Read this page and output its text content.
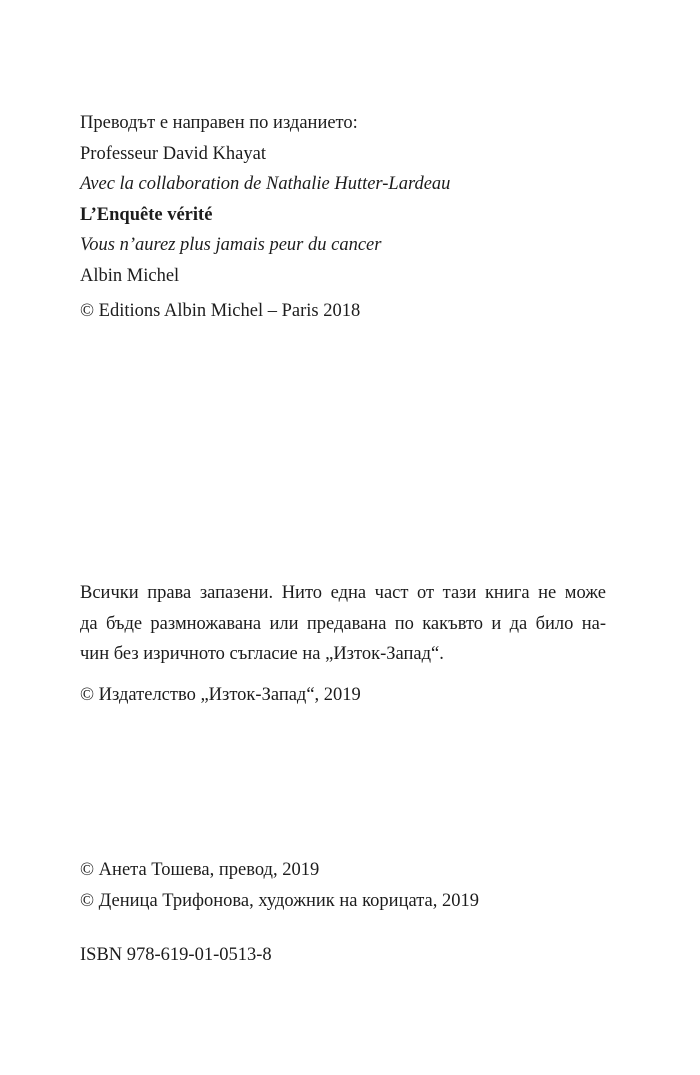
Преводът е направен по изданието:
Professeur David Khayat
Avec la collaboration de Nathalie Hutter-Lardeau
L’Enquête vérité
Vous n’aurez plus jamais peur du cancer
Albin Michel
© Editions Albin Michel – Paris 2018
Всички права запазени. Нито една част от тази книга не може
да бъде размножавана или предавана по какъвто и да било на-
чин без изричното съгласие на „Изток-Запад“.
© Издателство „Изток-Запад“, 2019
© Анета Тошева, превод, 2019
© Деница Трифонова, художник на корицата, 2019
ISBN 978-619-01-0513-8
